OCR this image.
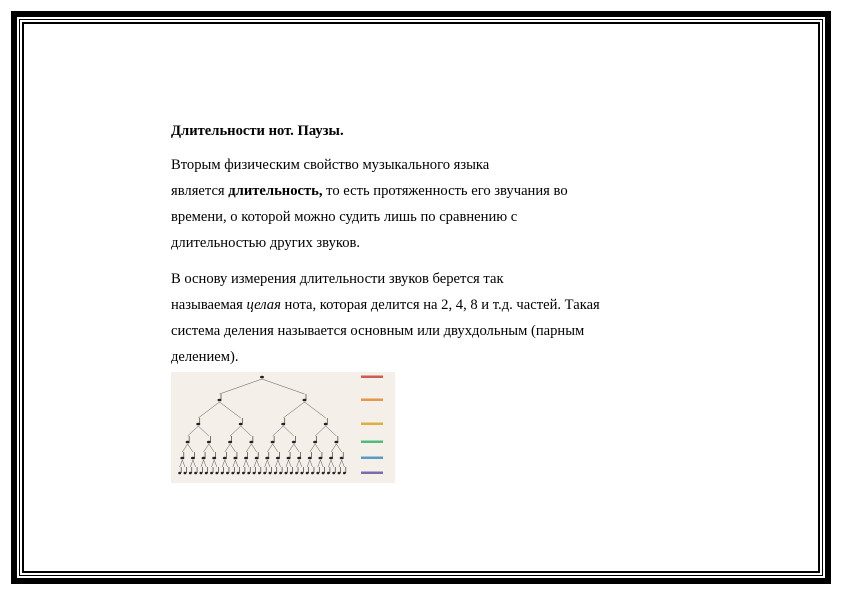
Длительности нот. Паузы.

Вторым физическим свойство музыкального языка
является длительность, то есть протяженность его звучания во
времени, о которой можно судить лишь по сравнению с
длительностью других звуков.

В основу измерения длительности звуков берется так
называемая целая нота, которая делится на 2, 4, 8 и т.д. частей. Такая
система деления называется основным или двухдольным (парным
делением).
